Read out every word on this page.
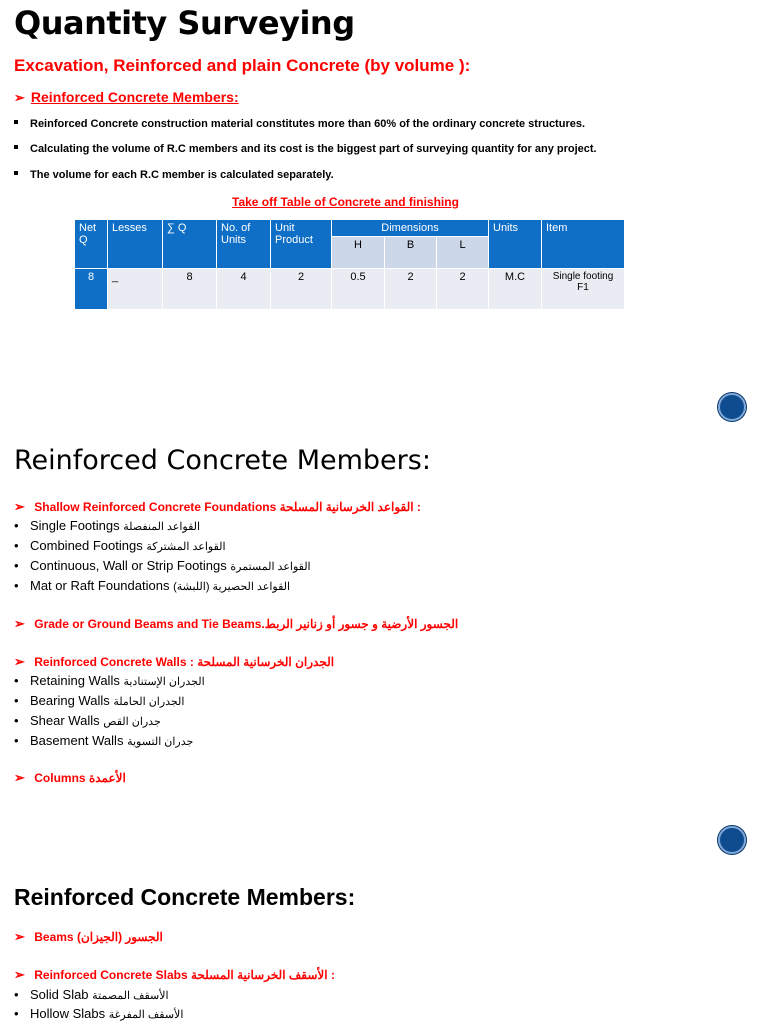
Quantity Surveying
Excavation, Reinforced and plain Concrete (by volume ):
➢ Reinforced Concrete Members:
Reinforced Concrete construction material constitutes more than 60% of the ordinary concrete structures.
Calculating the volume of R.C members and its cost is the biggest part of surveying quantity for any project.
The volume for each R.C member is calculated separately.
Take off Table of Concrete and finishing
Net Q	Lesses	∑ Q	No. of Units	Unit Product	Dimensions			Units	Item
					H	B	L		
8	_	8	4	2	0.5	2	2	M.C	Single footing F1
Reinforced Concrete Members:
➢ Shallow Reinforced Concrete Foundations القواعد الخرسانية المسلحة :
• Single Footings القواعد المنفصلة
• Combined Footings القواعد المشتركة
• Continuous, Wall or Strip Footings القواعد المستمرة
• Mat or Raft Foundations القواعد الحصيرية (اللبشة)
➢ Grade or Ground Beams and Tie Beams.الجسور الأرضية و جسور أو زنانير الربط
➢ Reinforced Concrete Walls : الجدران الخرسانية المسلحة
• Retaining Walls الجدران الإستنادية
• Bearing Walls الجدران الحاملة
• Shear Walls جدران القص
• Basement Walls جدران التسوية
➢ Columns الأعمدة
Reinforced Concrete Members:
➢ Beams الجسور (الجيزان)
➢ Reinforced Concrete Slabs الأسقف الخرسانية المسلحة :
• Solid Slab الأسقف المصمتة
• Hollow Slabs الأسقف المفرغة
